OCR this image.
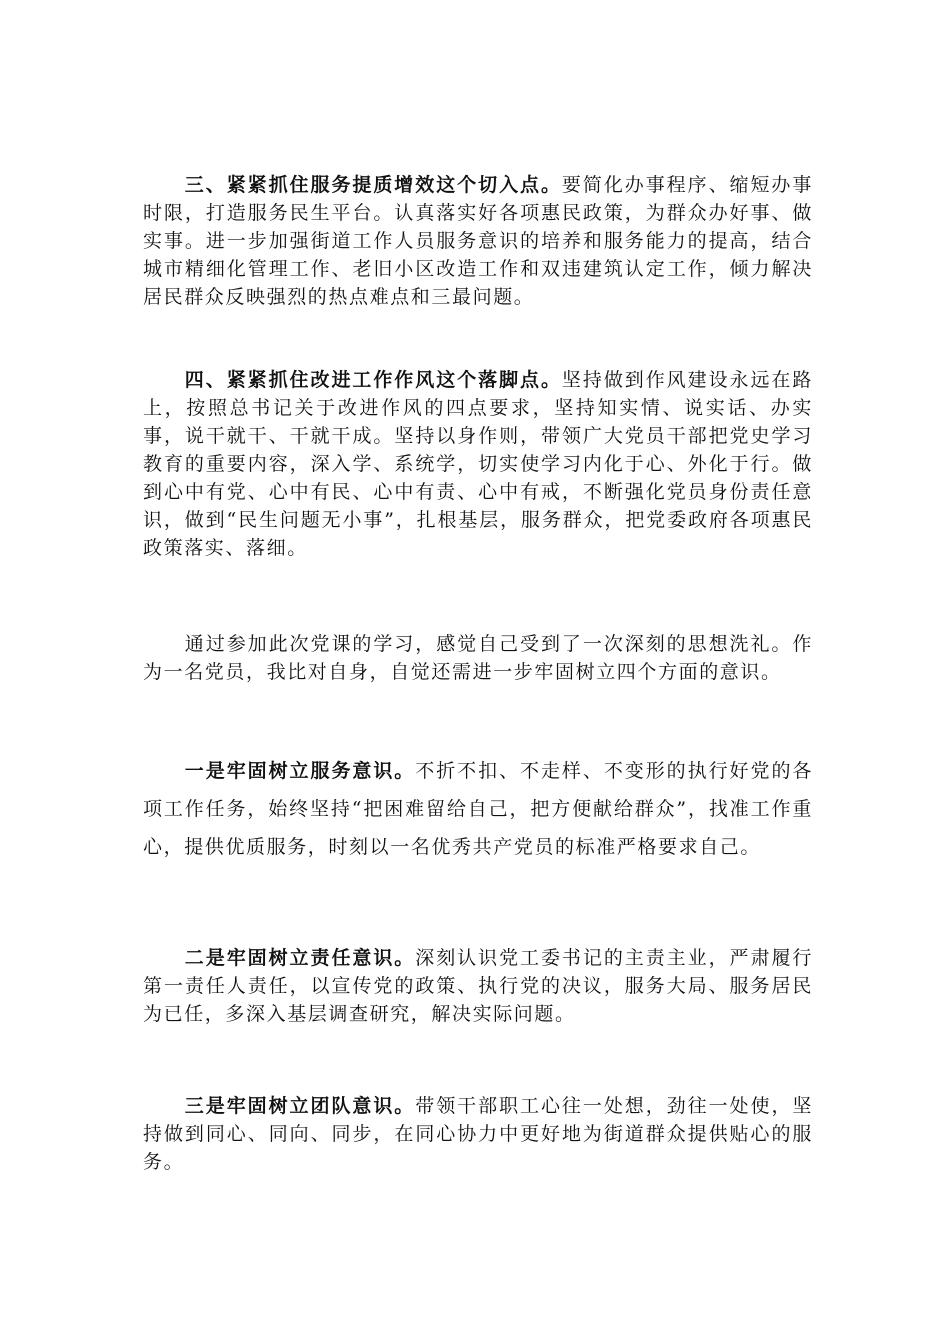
三、紧紧抓住服务提质增效这个切入点。要简化办事程序、缩短办事时限，打造服务民生平台。认真落实好各项惠民政策，为群众办好事、做实事。进一步加强街道工作人员服务意识的培养和服务能力的提高，结合城市精细化管理工作、老旧小区改造工作和双违建筑认定工作，倾力解决居民群众反映强烈的热点难点和三最问题。

四、紧紧抓住改进工作作风这个落脚点。坚持做到作风建设永远在路上，按照总书记关于改进作风的四点要求，坚持知实情、说实话、办实事，说干就干、干就干成。坚持以身作则，带领广大党员干部把党史学习教育的重要内容，深入学、系统学，切实使学习内化于心、外化于行。做到心中有党、心中有民、心中有责、心中有戒，不断强化党员身份责任意识，做到“民生问题无小事”，扎根基层，服务群众，把党委政府各项惠民政策落实、落细。

通过参加此次党课的学习，感觉自己受到了一次深刻的思想洗礼。作为一名党员，我比对自身，自觉还需进一步牢固树立四个方面的意识。

一是牢固树立服务意识。不折不扣、不走样、不变形的执行好党的各项工作任务，始终坚持“把困难留给自己，把方便献给群众”，找准工作重心，提供优质服务，时刻以一名优秀共产党员的标准严格要求自己。

二是牢固树立责任意识。深刻认识党工委书记的主责主业，严肃履行　第一责任人责任，以宣传党的政策、执行党的决议，服务大局、服务居民为已任，多深入基层调查研究，解决实际问题。

三是牢固树立团队意识。带领干部职工心往一处想，劲往一处使，坚持做到同心、同向、同步，在同心协力中更好地为街道群众提供贴心的服务。
